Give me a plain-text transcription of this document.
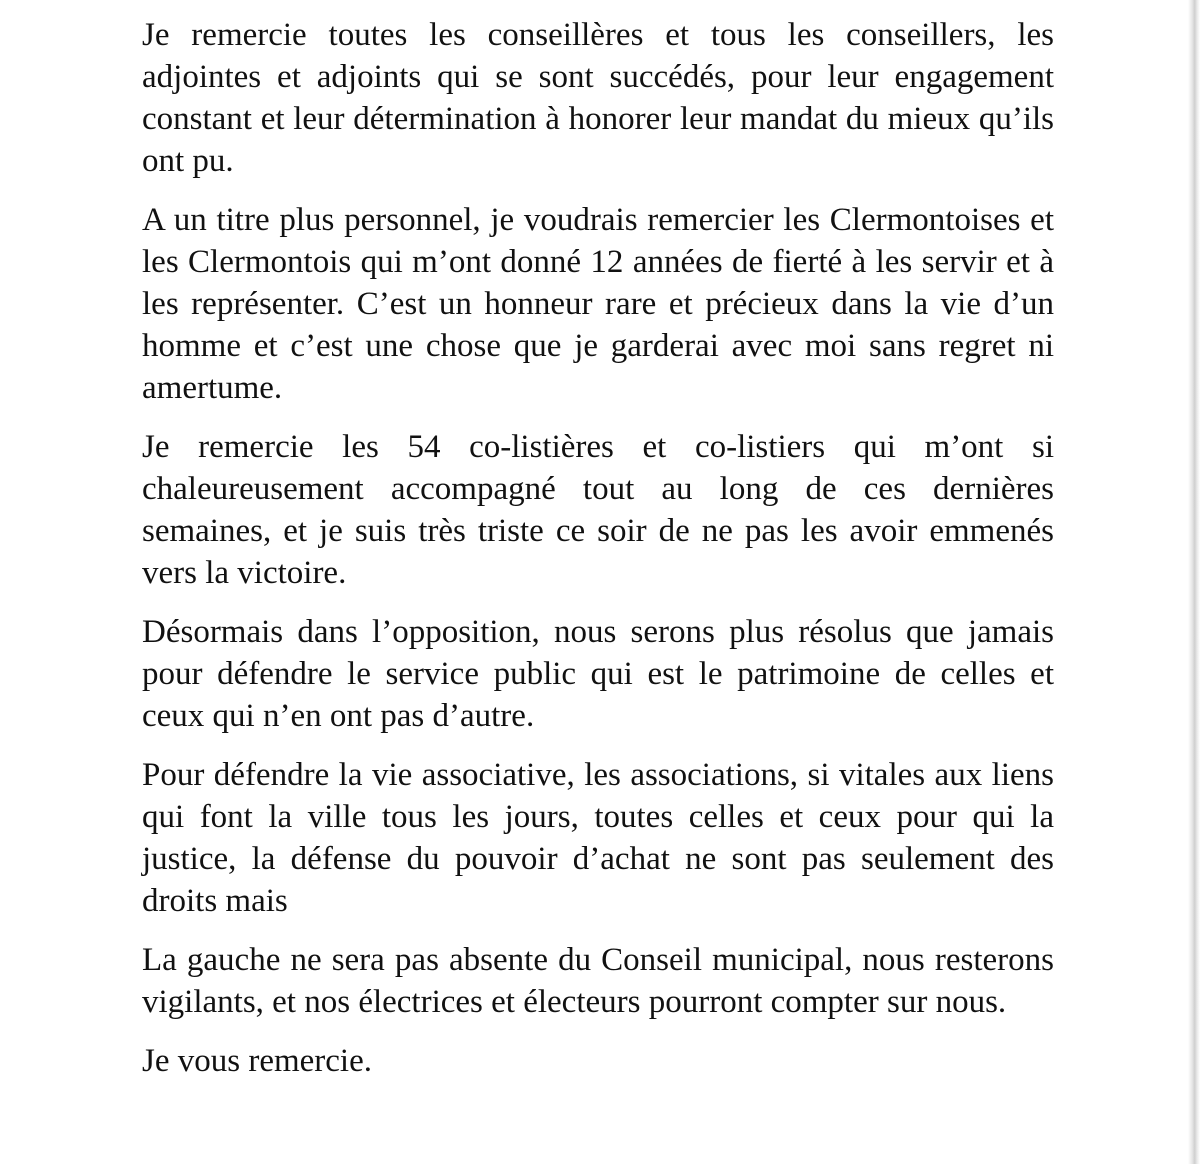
Je remercie toutes les conseillères et tous les conseillers, les adjointes et adjoints qui se sont succédés, pour leur engagement constant et leur détermination à honorer leur mandat du mieux qu’ils ont pu.

A un titre plus personnel, je voudrais remercier les Clermontoises et les Clermontois qui m’ont donné 12 années de fierté à les servir et à les représenter. C’est un honneur rare et précieux dans la vie d’un homme et c’est une chose que je garderai avec moi sans regret ni amertume.

Je remercie les 54 co-listières et co-listiers qui m’ont si chaleureusement accompagné tout au long de ces dernières semaines, et je suis très triste ce soir de ne pas les avoir emmenés vers la victoire.

Désormais dans l’opposition, nous serons plus résolus que jamais pour défendre le service public qui est le patrimoine de celles et ceux qui n’en ont pas d’autre.

Pour défendre la vie associative, les associations, si vitales aux liens qui font la ville tous les jours, toutes celles et ceux pour qui la justice, la défense du pouvoir d’achat ne sont pas seulement des droits mais

La gauche ne sera pas absente du Conseil municipal, nous resterons vigilants, et nos électrices et électeurs pourront compter sur nous.

Je vous remercie.
